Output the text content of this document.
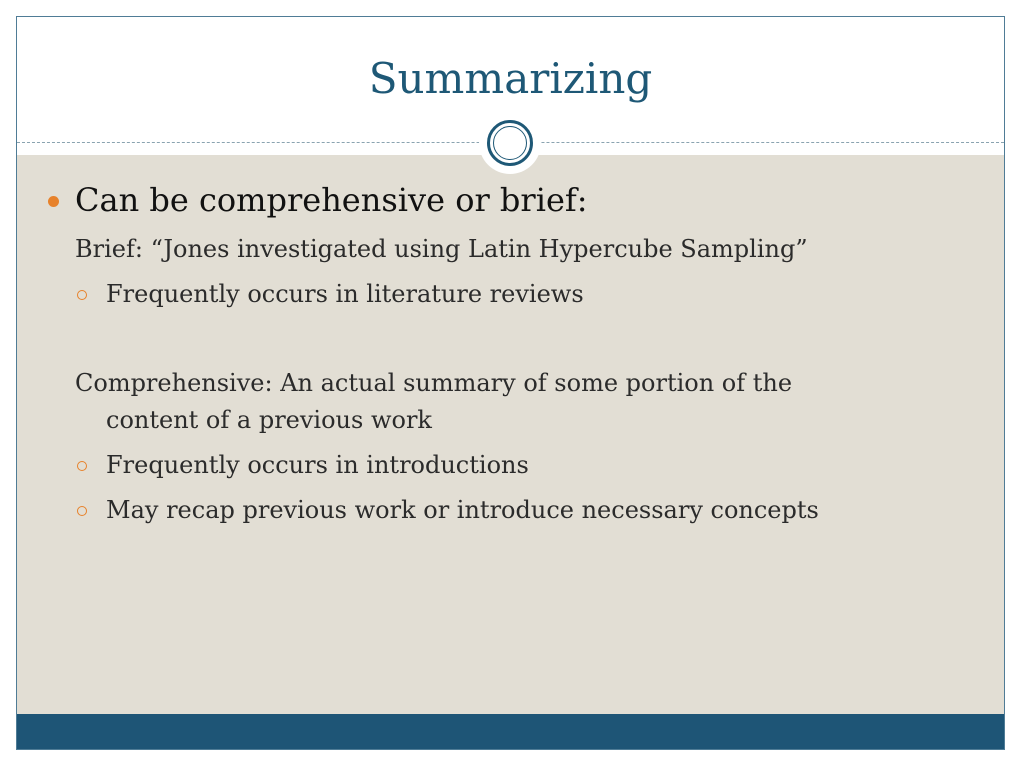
Summarizing
Can be comprehensive or brief:
Brief: “Jones investigated using Latin Hypercube Sampling”
Frequently occurs in literature reviews
Comprehensive: An actual summary of some portion of the
content of a previous work
Frequently occurs in introductions
May recap previous work or introduce necessary concepts
